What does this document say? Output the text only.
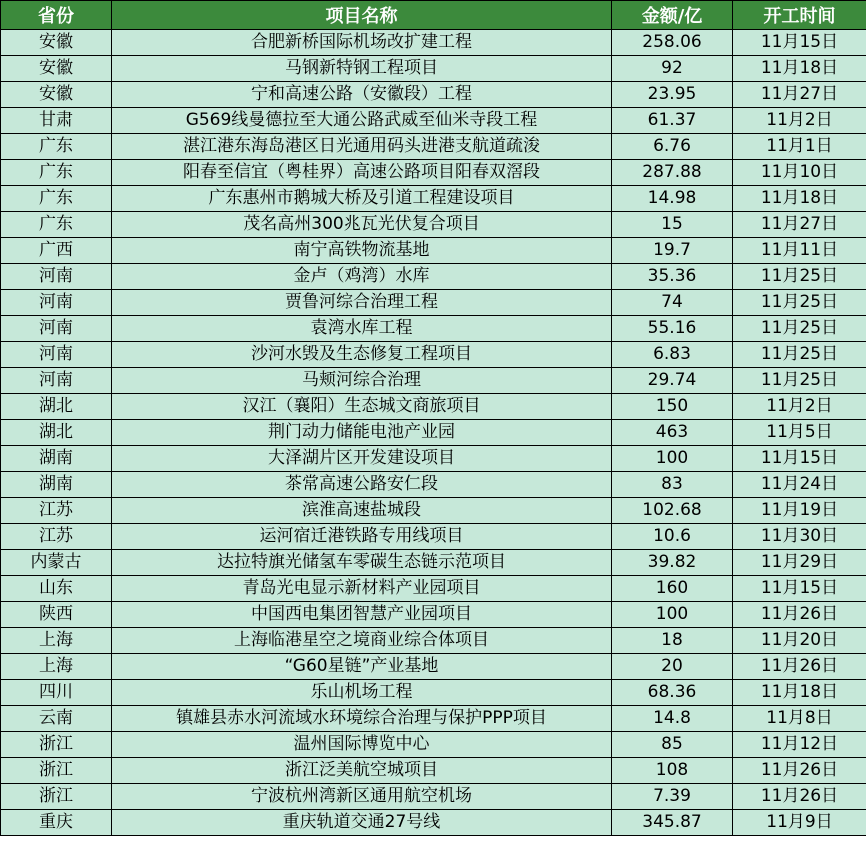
省份	项目名称	金额/亿	开工时间
安徽	合肥新桥国际机场改扩建工程	258.06	11月15日
安徽	马钢新特钢工程项目	92	11月18日
安徽	宁和高速公路（安徽段）工程	23.95	11月27日
甘肃	G569线曼德拉至大通公路武威至仙米寺段工程	61.37	11月2日
广东	湛江港东海岛港区日光通用码头进港支航道疏浚	6.76	11月1日
广东	阳春至信宜（粤桂界）高速公路项目阳春双滘段	287.88	11月10日
广东	广东惠州市鹅城大桥及引道工程建设项目	14.98	11月18日
广东	茂名高州300兆瓦光伏复合项目	15	11月27日
广西	南宁高铁物流基地	19.7	11月11日
河南	金卢（鸡湾）水库	35.36	11月25日
河南	贾鲁河综合治理工程	74	11月25日
河南	袁湾水库工程	55.16	11月25日
河南	沙河水毁及生态修复工程项目	6.83	11月25日
河南	马颊河综合治理	29.74	11月25日
湖北	汉江（襄阳）生态城文商旅项目	150	11月2日
湖北	荆门动力储能电池产业园	463	11月5日
湖南	大泽湖片区开发建设项目	100	11月15日
湖南	茶常高速公路安仁段	83	11月24日
江苏	滨淮高速盐城段	102.68	11月19日
江苏	运河宿迁港铁路专用线项目	10.6	11月30日
内蒙古	达拉特旗光储氢车零碳生态链示范项目	39.82	11月29日
山东	青岛光电显示新材料产业园项目	160	11月15日
陕西	中国西电集团智慧产业园项目	100	11月26日
上海	上海临港星空之境商业综合体项目	18	11月20日
上海	“G60星链”产业基地	20	11月26日
四川	乐山机场工程	68.36	11月18日
云南	镇雄县赤水河流域水环境综合治理与保护PPP项目	14.8	11月8日
浙江	温州国际博览中心	85	11月12日
浙江	浙江泛美航空城项目	108	11月26日
浙江	宁波杭州湾新区通用航空机场	7.39	11月26日
重庆	重庆轨道交通27号线	345.87	11月9日
